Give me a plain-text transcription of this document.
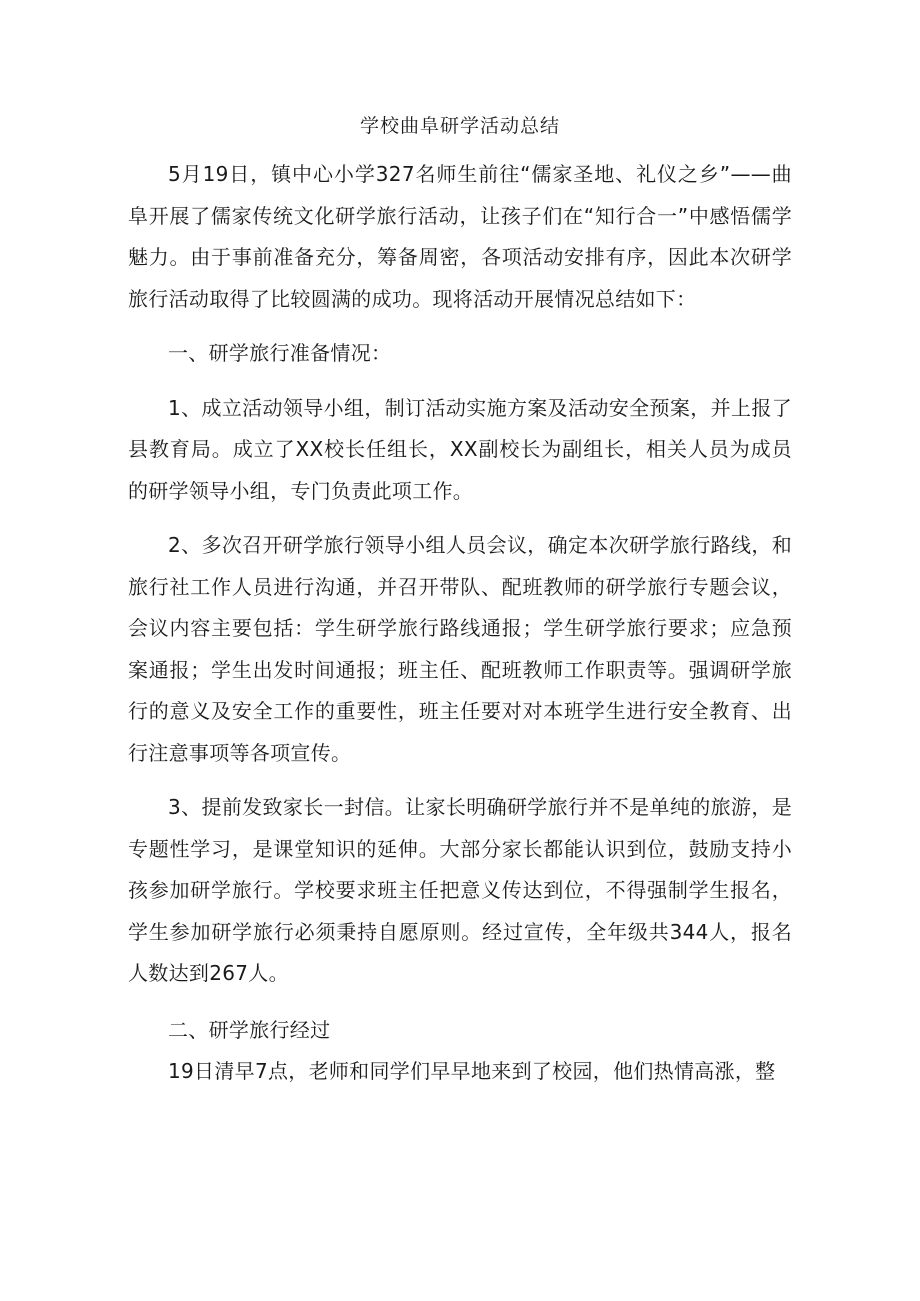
学校曲阜研学活动总结

5月19日，镇中心小学327名师生前往“儒家圣地、礼仪之乡”——曲阜开展了儒家传统文化研学旅行活动，让孩子们在“知行合一”中感悟儒学魅力。由于事前准备充分，筹备周密，各项活动安排有序，因此本次研学旅行活动取得了比较圆满的成功。现将活动开展情况总结如下：

一、研学旅行准备情况：

1、成立活动领导小组，制订活动实施方案及活动安全预案，并上报了县教育局。成立了XX校长任组长，XX副校长为副组长，相关人员为成员的研学领导小组，专门负责此项工作。

2、多次召开研学旅行领导小组人员会议，确定本次研学旅行路线，和旅行社工作人员进行沟通，并召开带队、配班教师的研学旅行专题会议，会议内容主要包括：学生研学旅行路线通报；学生研学旅行要求；应急预案通报；学生出发时间通报；班主任、配班教师工作职责等。强调研学旅行的意义及安全工作的重要性，班主任要对对本班学生进行安全教育、出行注意事项等各项宣传。

3、提前发致家长一封信。让家长明确研学旅行并不是单纯的旅游，是专题性学习，是课堂知识的延伸。大部分家长都能认识到位，鼓励支持小孩参加研学旅行。学校要求班主任把意义传达到位，不得强制学生报名，学生参加研学旅行必须秉持自愿原则。经过宣传，全年级共344人，报名人数达到267人。

二、研学旅行经过

19日清早7点，老师和同学们早早地来到了校园，他们热情高涨，整
